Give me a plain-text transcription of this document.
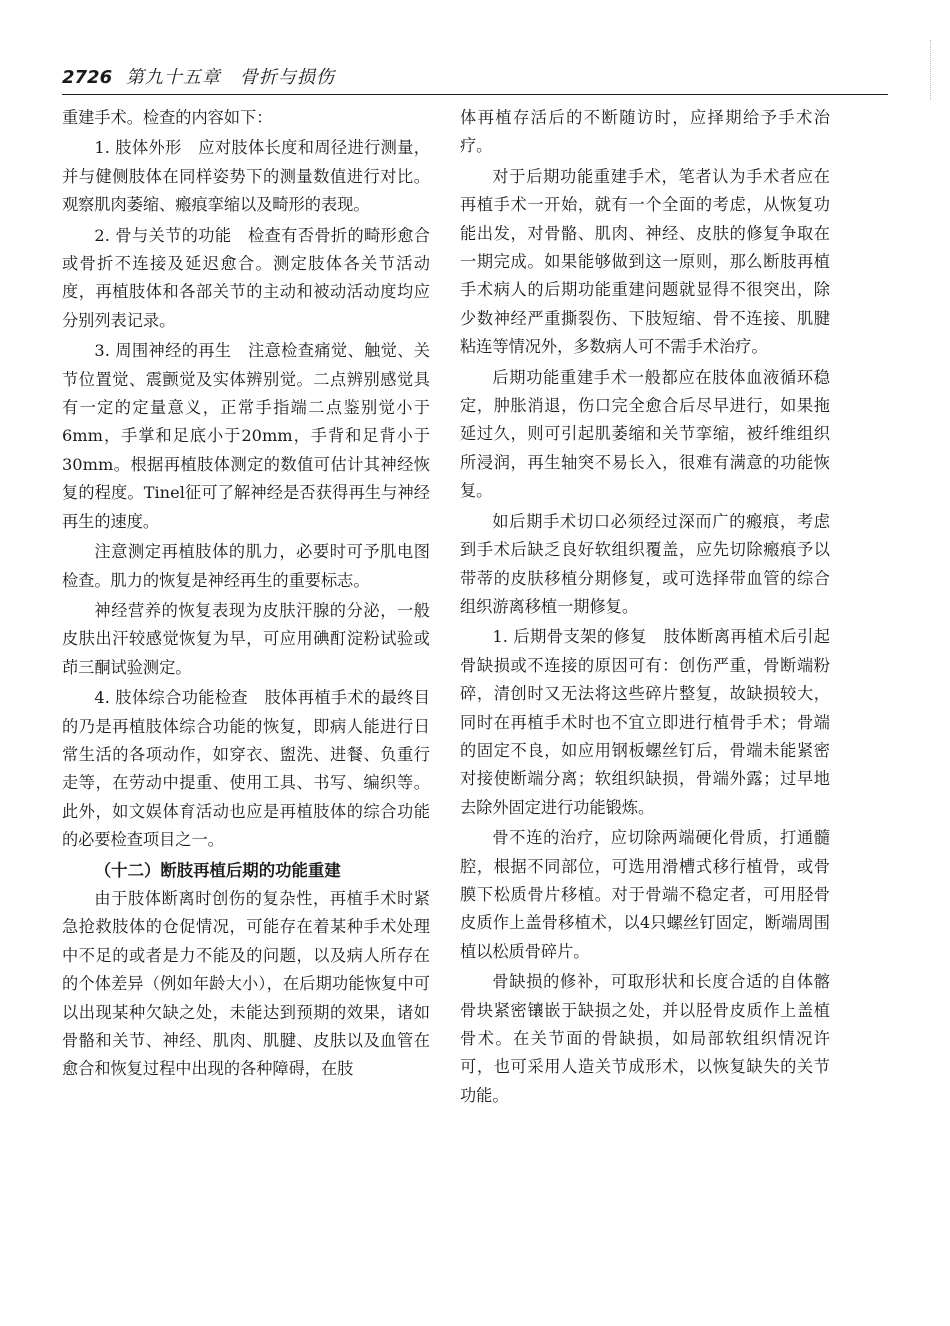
2726 第九十五章　骨折与损伤

重建手术。检查的内容如下：

1. 肢体外形　应对肢体长度和周径进行测量，并与健侧肢体在同样姿势下的测量数值进行对比。观察肌肉萎缩、瘢痕挛缩以及畸形的表现。

2. 骨与关节的功能　检查有否骨折的畸形愈合或骨折不连接及延迟愈合。测定肢体各关节活动度，再植肢体和各部关节的主动和被动活动度均应分别列表记录。

3. 周围神经的再生　注意检查痛觉、触觉、关节位置觉、震颤觉及实体辨别觉。二点辨别感觉具有一定的定量意义，正常手指端二点鉴别觉小于6mm，手掌和足底小于20mm，手背和足背小于30mm。根据再植肢体测定的数值可估计其神经恢复的程度。Tinel征可了解神经是否获得再生与神经再生的速度。

注意测定再植肢体的肌力，必要时可予肌电图检查。肌力的恢复是神经再生的重要标志。

神经营养的恢复表现为皮肤汗腺的分泌，一般皮肤出汗较感觉恢复为早，可应用碘酊淀粉试验或茚三酮试验测定。

4. 肢体综合功能检查　肢体再植手术的最终目的乃是再植肢体综合功能的恢复，即病人能进行日常生活的各项动作，如穿衣、盥洗、进餐、负重行走等，在劳动中提重、使用工具、书写、编织等。此外，如文娱体育活动也应是再植肢体的综合功能的必要检查项目之一。

（十二）断肢再植后期的功能重建

由于肢体断离时创伤的复杂性，再植手术时紧急抢救肢体的仓促情况，可能存在着某种手术处理中不足的或者是力不能及的问题，以及病人所存在的个体差异（例如年龄大小），在后期功能恢复中可以出现某种欠缺之处，未能达到预期的效果，诸如骨骼和关节、神经、肌肉、肌腱、皮肤以及血管在愈合和恢复过程中出现的各种障碍，在肢

体再植存活后的不断随访时，应择期给予手术治疗。

对于后期功能重建手术，笔者认为手术者应在再植手术一开始，就有一个全面的考虑，从恢复功能出发，对骨骼、肌肉、神经、皮肤的修复争取在一期完成。如果能够做到这一原则，那么断肢再植手术病人的后期功能重建问题就显得不很突出，除少数神经严重撕裂伤、下肢短缩、骨不连接、肌腱粘连等情况外，多数病人可不需手术治疗。

后期功能重建手术一般都应在肢体血液循环稳定，肿胀消退，伤口完全愈合后尽早进行，如果拖延过久，则可引起肌萎缩和关节挛缩，被纤维组织所浸润，再生轴突不易长入，很难有满意的功能恢复。

如后期手术切口必须经过深而广的瘢痕，考虑到手术后缺乏良好软组织覆盖，应先切除瘢痕予以带蒂的皮肤移植分期修复，或可选择带血管的综合组织游离移植一期修复。

1. 后期骨支架的修复　肢体断离再植术后引起骨缺损或不连接的原因可有：创伤严重，骨断端粉碎，清创时又无法将这些碎片整复，故缺损较大，同时在再植手术时也不宜立即进行植骨手术；骨端的固定不良，如应用钢板螺丝钉后，骨端未能紧密对接使断端分离；软组织缺损，骨端外露；过早地去除外固定进行功能锻炼。

骨不连的治疗，应切除两端硬化骨质，打通髓腔，根据不同部位，可选用滑槽式移行植骨，或骨膜下松质骨片移植。对于骨端不稳定者，可用胫骨皮质作上盖骨移植术，以4只螺丝钉固定，断端周围植以松质骨碎片。

骨缺损的修补，可取形状和长度合适的自体髂骨块紧密镶嵌于缺损之处，并以胫骨皮质作上盖植骨术。在关节面的骨缺损，如局部软组织情况许可，也可采用人造关节成形术，以恢复缺失的关节功能。
